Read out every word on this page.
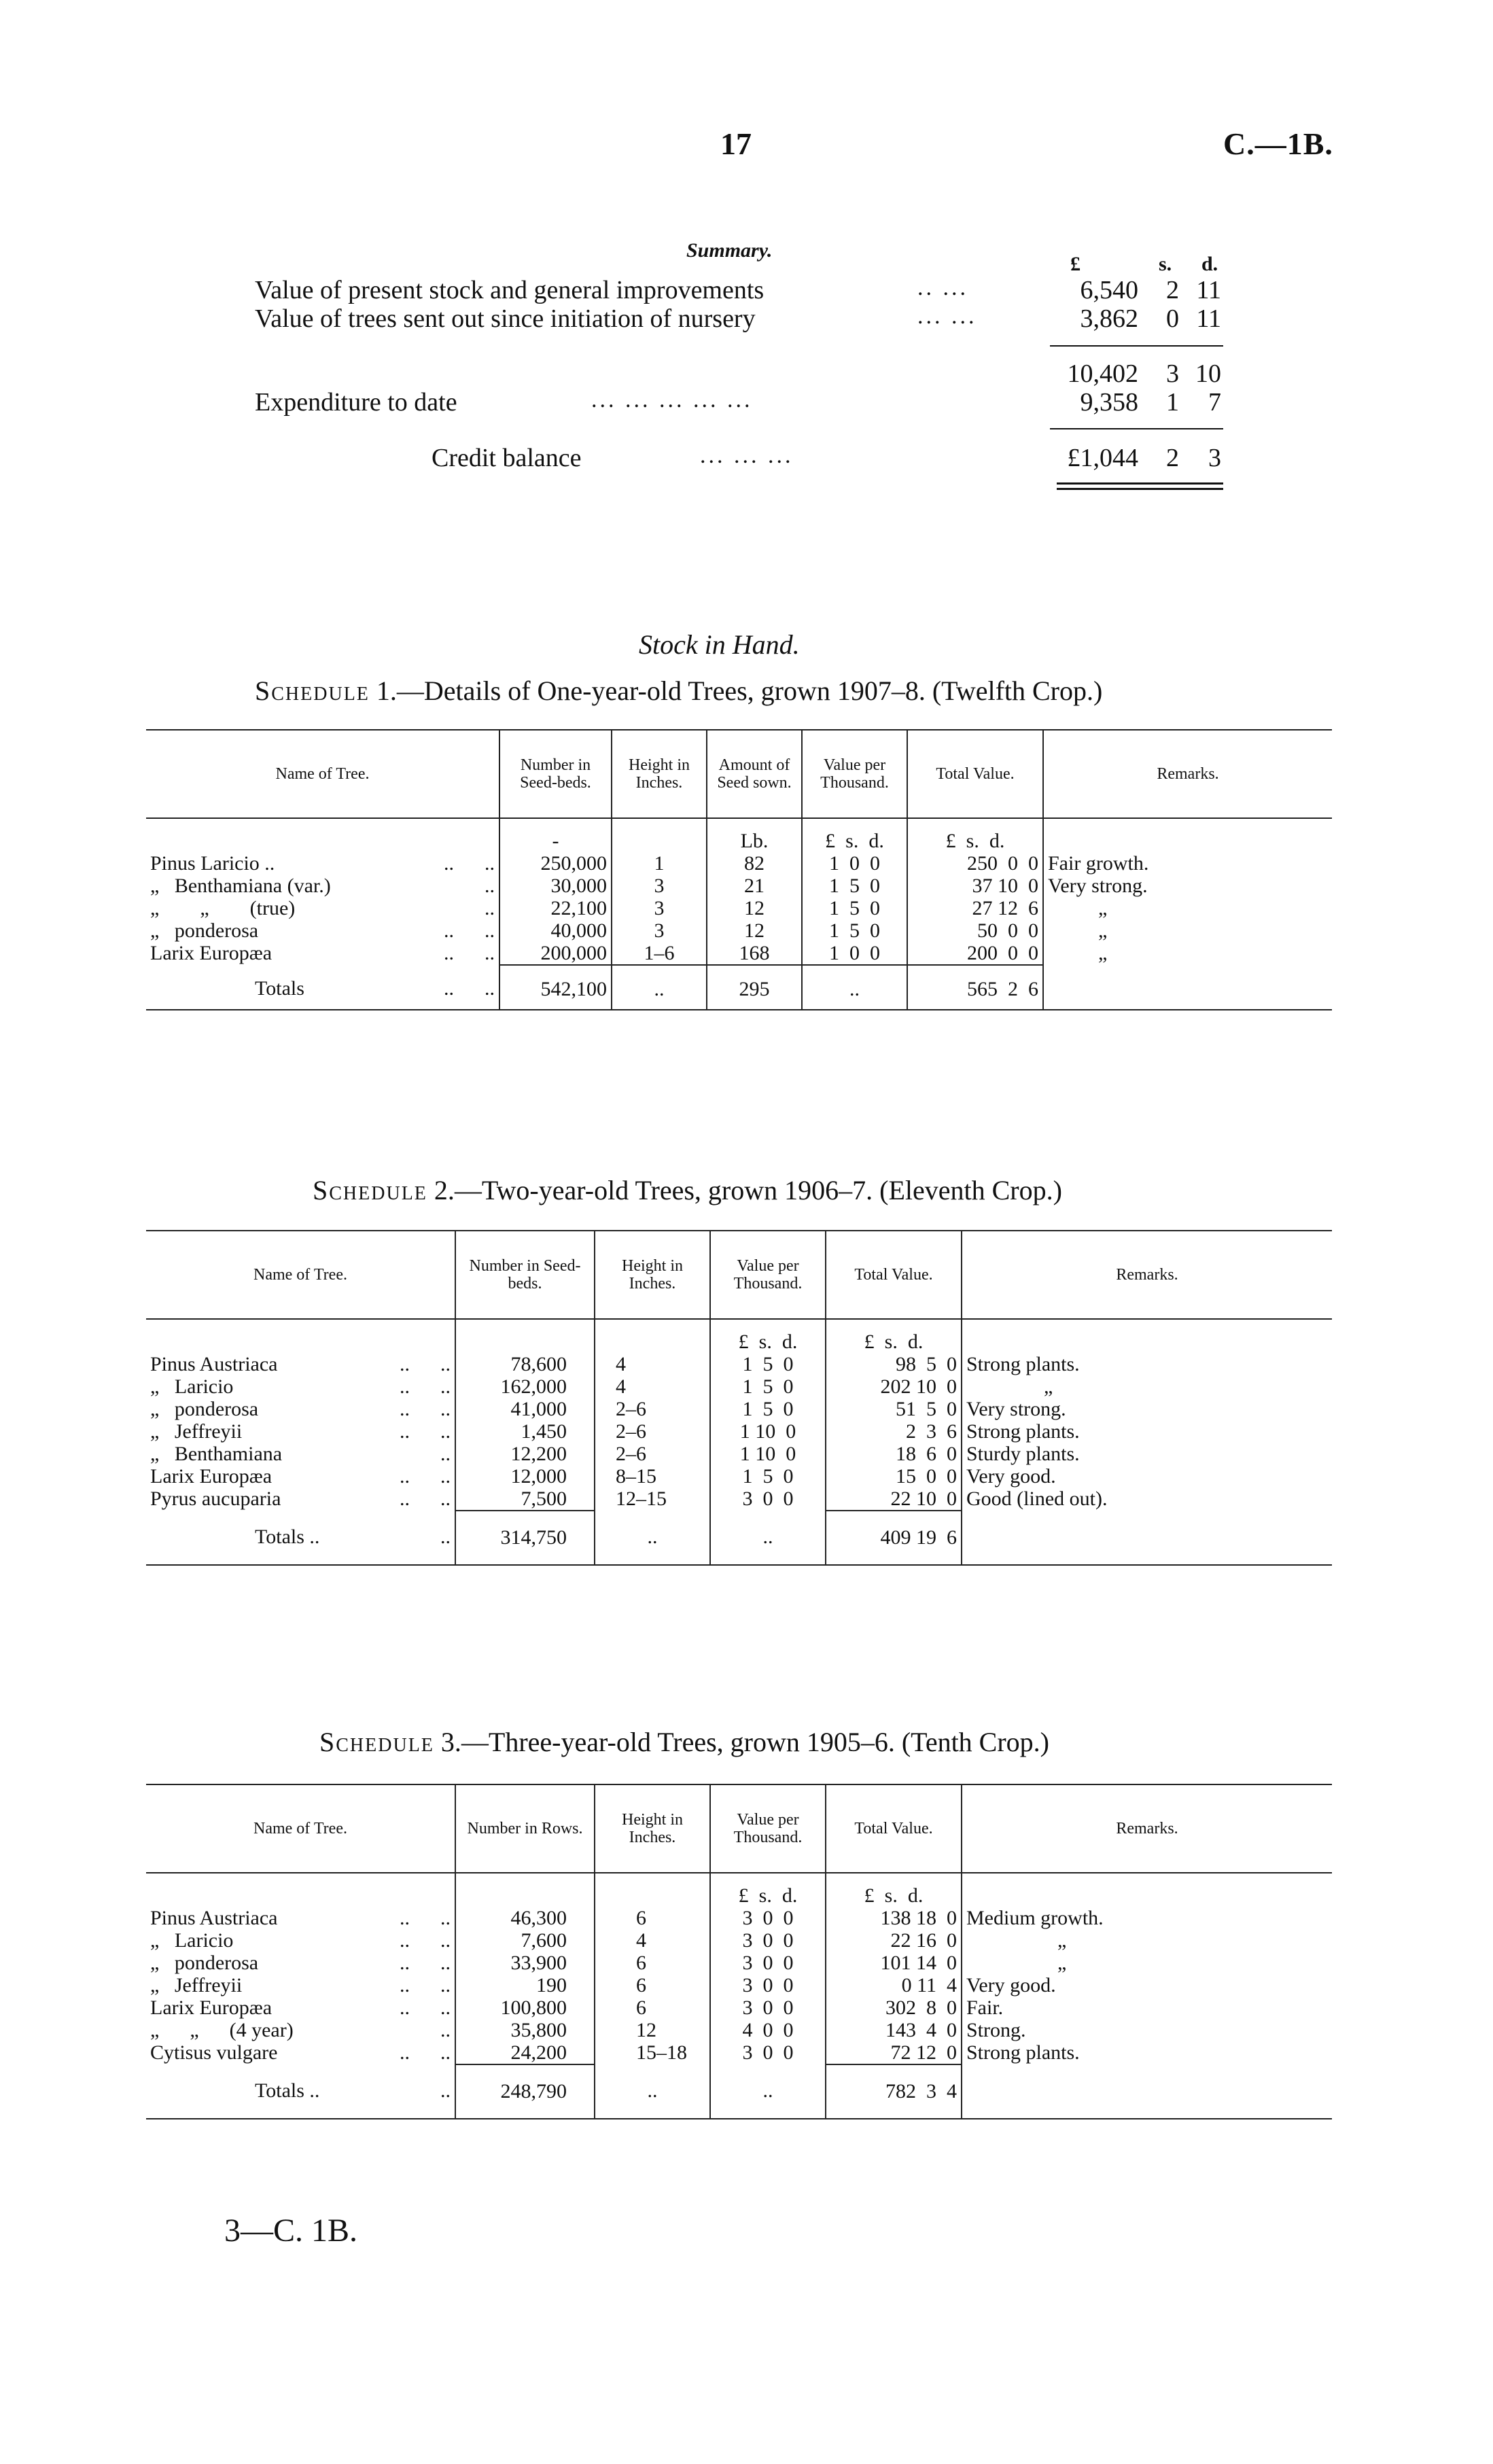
17	C.—1B.
Summary.
£	s. d.
Value of present stock and general improvements	.. ...	6,540	2 11
Value of trees sent out since initiation of nursery	... ...	3,862	0 11
10,402	3 10
Expenditure to date	... ... ... ... ...	9,358	1	7
Credit balance	... ... ...	£1,044	2	3
Stock in Hand.
Schedule 1.—Details of One-year-old Trees, grown 1907–8. (Twelfth Crop.)
Name of Tree.	Number in Seed-beds.	Height in Inches.	Amount of Seed sown.	Value per Thousand.	Total Value.	Remarks.
	-		Lb.	£  s.  d.	£  s.  d.	
Pinus Laricio .. ..      ..	250,000	1	82	1  0  0	250  0  0	Fair growth.
„   Benthamiana (var.) ..	30,000	3	21	1  5  0	37 10  0	Very strong.
„        „        (true) ..	22,100	3	12	1  5  0	27 12  6	„
„   ponderosa ..      ..	40,000	3	12	1  5  0	50  0  0	„
Larix Europæa ..      ..	200,000	1–6	168	1  0  0	200  0  0	„
Totals ..      ..	542,100	..	295	..	565  2  6	
Schedule 2.—Two-year-old Trees, grown 1906–7. (Eleventh Crop.)
Name of Tree.	Number in Seed-beds.	Height in Inches.	Value per Thousand.	Total Value.	Remarks.
			£  s.  d.	£  s.  d.	
Pinus Austriaca ..      ..	78,600	4	1  5  0	98  5  0	Strong plants.
„   Laricio ..      ..	162,000	4	1  5  0	202 10  0	„
„   ponderosa ..      ..	41,000	2–6	1  5  0	51  5  0	Very strong.
„   Jeffreyii ..      ..	1,450	2–6	1 10  0	2  3  6	Strong plants.
„   Benthamiana ..	12,200	2–6	1 10  0	18  6  0	Sturdy plants.
Larix Europæa ..      ..	12,000	8–15	1  5  0	15  0  0	Very good.
Pyrus aucuparia ..      ..	7,500	12–15	3  0  0	22 10  0	Good (lined out).
Totals .. ..	314,750	..	..	409 19  6	
Schedule 3.—Three-year-old Trees, grown 1905–6. (Tenth Crop.)
Name of Tree.	Number in Rows.	Height in Inches.	Value per Thousand.	Total Value.	Remarks.
			£  s.  d.	£  s.  d.	
Pinus Austriaca ..      ..	46,300	6	3  0  0	138 18  0	Medium growth.
„   Laricio ..      ..	7,600	4	3  0  0	22 16  0	„
„   ponderosa ..      ..	33,900	6	3  0  0	101 14  0	„
„   Jeffreyii ..      ..	190	6	3  0  0	0 11  4	Very good.
Larix Europæa ..      ..	100,800	6	3  0  0	302  8  0	Fair.
„      „      (4 year) ..	35,800	12	4  0  0	143  4  0	Strong.
Cytisus vulgare ..      ..	24,200	15–18	3  0  0	72 12  0	Strong plants.
Totals .. ..	248,790	..	..	782  3  4	
3—C. 1B.
